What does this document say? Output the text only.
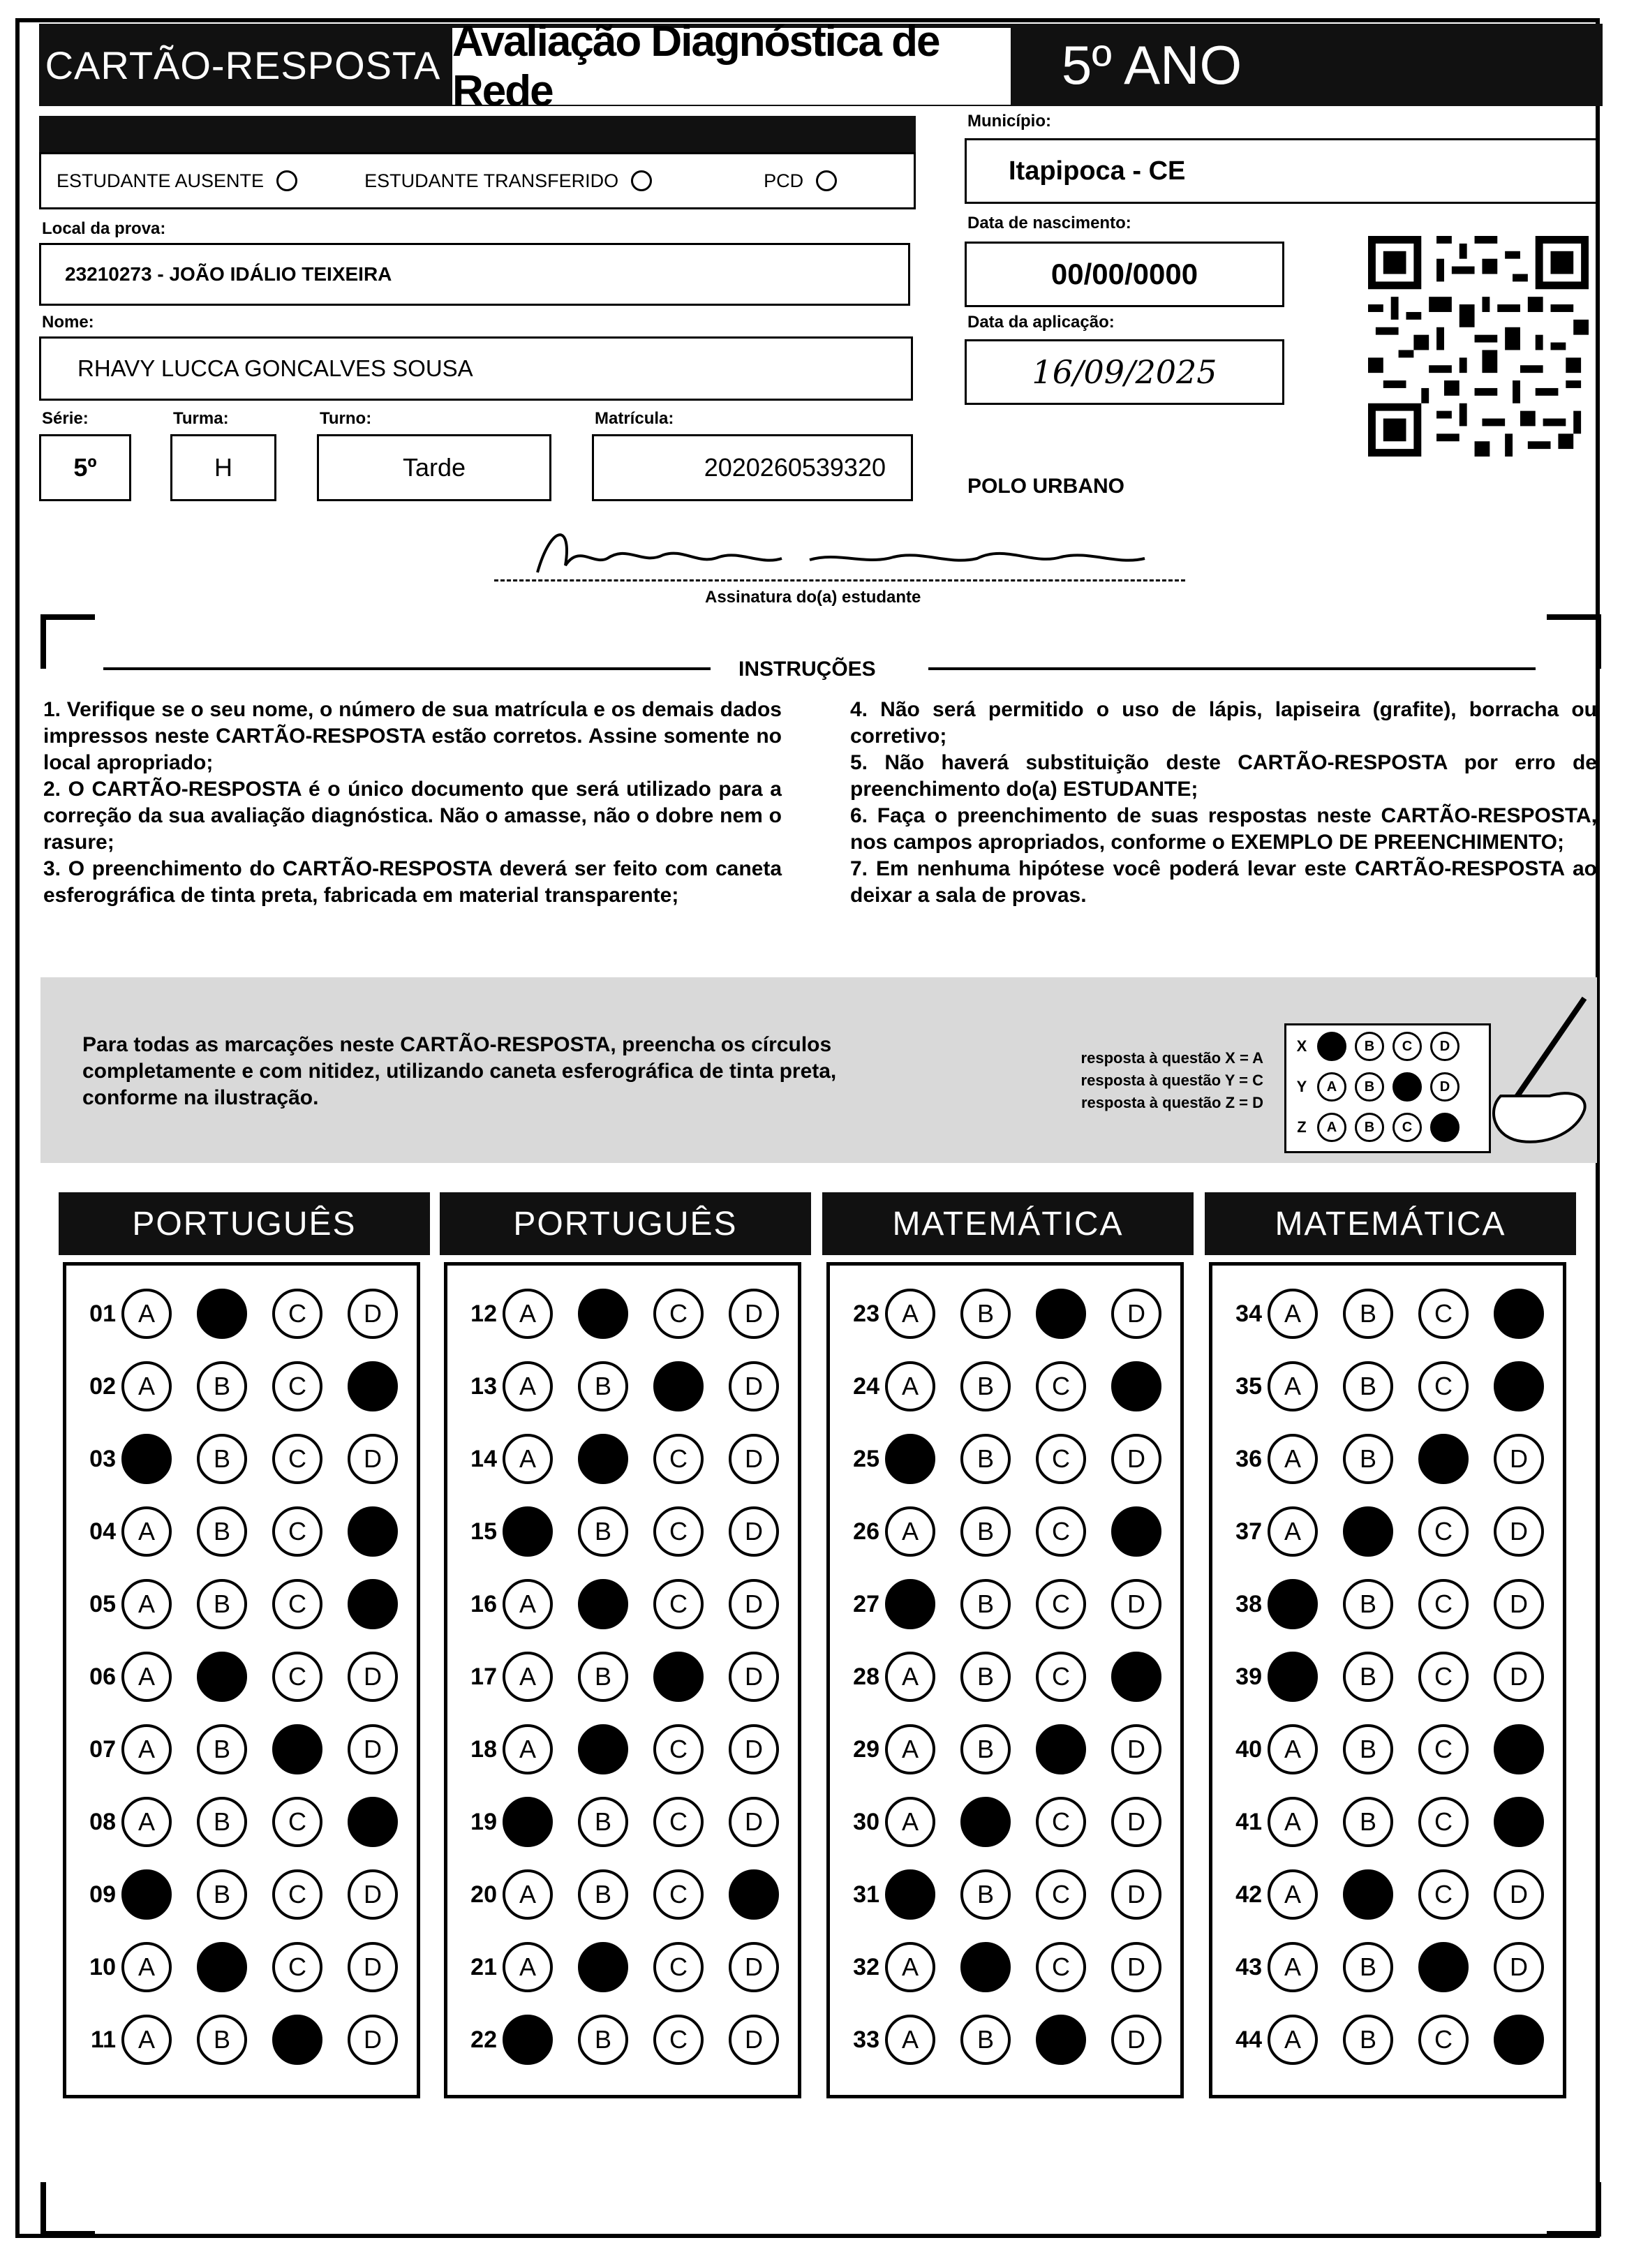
CARTÃO-RESPOSTA Avaliação Diagnóstica de Rede	5º ANO
ESTUDANTE AUSENTE	ESTUDANTE TRANSFERIDO	PCD
Local da prova:
23210273 - JOÃO IDÁLIO TEIXEIRA
Nome:
RHAVY LUCCA GONCALVES SOUSA
Série:
5º
Turma:
H
Turno:
Tarde
Matrícula:
2020260539320
Município:
Itapipoca - CE
Data de nascimento:
00/00/0000
Data da aplicação:
16/09/2025
POLO URBANO
Assinatura do(a) estudante
INSTRUÇÕES

1. Verifique se o seu nome, o número de sua matrícula e os demais dados impressos neste CARTÃO-RESPOSTA estão corretos. Assine somente no local apropriado;

2. O CARTÃO-RESPOSTA é o único documento que será utilizado para a correção da sua avaliação diagnóstica. Não o amasse, não o dobre nem o rasure;

3. O preenchimento do CARTÃO-RESPOSTA deverá ser feito com caneta esferográfica de tinta preta, fabricada em material transparente;

4. Não será permitido o uso de lápis, lapiseira (grafite), borracha ou corretivo;

5. Não haverá substituição deste CARTÃO-RESPOSTA por erro de preenchimento do(a) ESTUDANTE;

6. Faça o preenchimento de suas respostas neste CARTÃO-RESPOSTA, nos campos apropriados, conforme o EXEMPLO DE PREENCHIMENTO;

7. Em nenhuma hipótese você poderá levar este CARTÃO-RESPOSTA ao deixar a sala de provas.

Para todas as marcações neste CARTÃO-RESPOSTA, preencha os círculos completamente e com nitidez, utilizando caneta esferográfica de tinta preta, conforme na ilustração.
resposta à questão X = A
resposta à questão Y = C
resposta à questão Z = D
X	A	B	C	D
Y	A	B	C	D
Z	A	B	C	D
PORTUGUÊS
01 A	B	C	D
02 A	B	C	D
03 A	B	C	D
04 A	B	C	D
05 A	B	C	D
06 A	B	C	D
07 A	B	C	D
08 A	B	C	D
09 A	B	C	D
10 A	B	C	D
11 A	B	C	D
PORTUGUÊS
12 A	B	C	D
13 A	B	C	D
14 A	B	C	D
15 A	B	C	D
16 A	B	C	D
17 A	B	C	D
18 A	B	C	D
19 A	B	C	D
20 A	B	C	D
21 A	B	C	D
22 A	B	C	D
MATEMÁTICA
23 A	B	C	D
24 A	B	C	D
25 A	B	C	D
26 A	B	C	D
27 A	B	C	D
28 A	B	C	D
29 A	B	C	D
30 A	B	C	D
31 A	B	C	D
32 A	B	C	D
33 A	B	C	D
MATEMÁTICA
34 A	B	C	D
35 A	B	C	D
36 A	B	C	D
37 A	B	C	D
38 A	B	C	D
39 A	B	C	D
40 A	B	C	D
41 A	B	C	D
42 A	B	C	D
43 A	B	C	D
44 A	B	C	D
